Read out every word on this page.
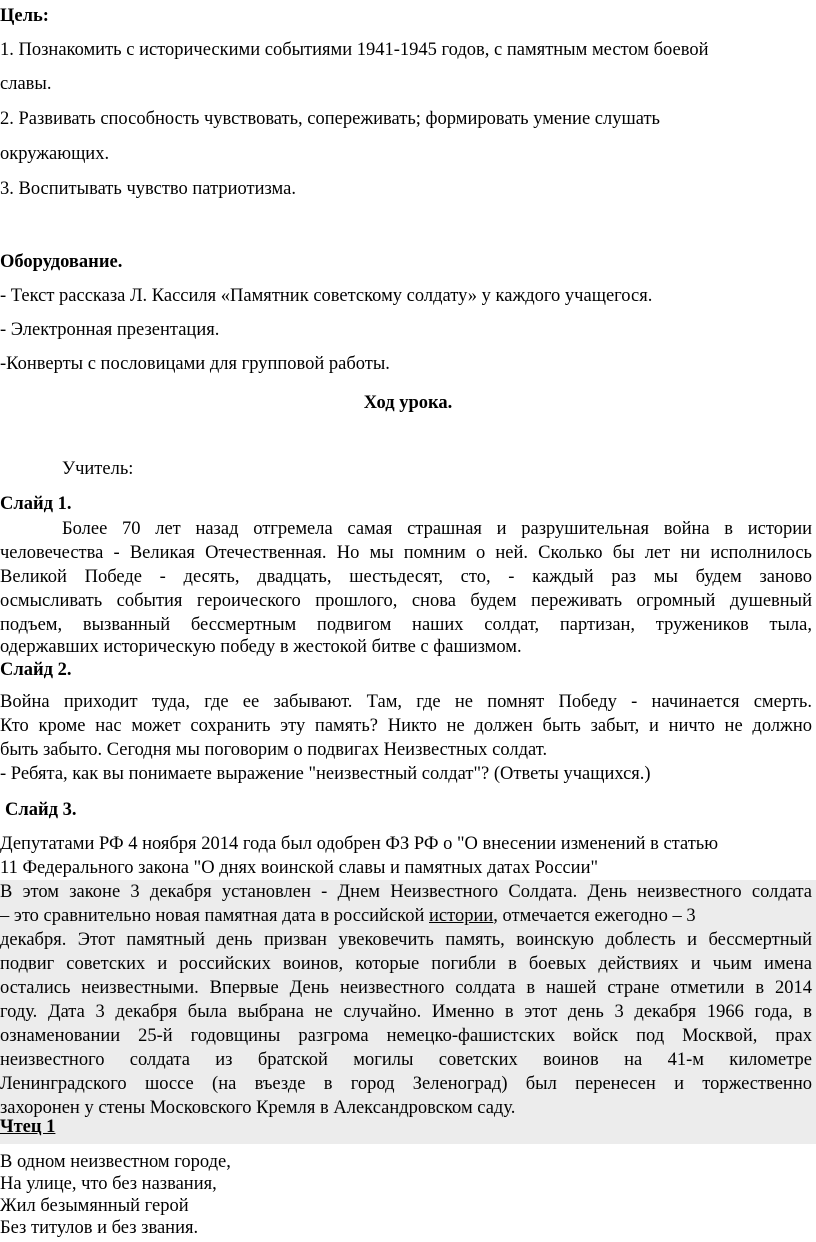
Цель:
1. Познакомить с историческими событиями 1941-1945 годов, с памятным местом боевой
славы.
2. Развивать способность чувствовать, сопереживать; формировать умение слушать
окружающих.
3. Воспитывать чувство патриотизма.
Оборудование.
- Текст рассказа Л. Кассиля «Памятник советскому солдату» у каждого учащегося.
- Электронная презентация.
-Конверты с пословицами для групповой работы.
Ход урока.
Учитель:
Слайд 1.
Более 70 лет назад отгремела самая страшная и разрушительная война в истории
человечества - Великая Отечественная. Но мы помним о ней. Сколько бы лет ни исполнилось
Великой Победе - десять, двадцать, шестьдесят, сто, - каждый раз мы будем заново
осмысливать события героического прошлого, снова будем переживать огромный душевный
подъем, вызванный бессмертным подвигом наших солдат, партизан, тружеников тыла,
одержавших историческую победу в жестокой битве с фашизмом.
Слайд 2.
Война приходит туда, где ее забывают. Там, где не помнят Победу - начинается смерть.
Кто кроме нас может сохранить эту память? Никто не должен быть забыт, и ничто не должно
быть забыто. Сегодня мы поговорим о подвигах Неизвестных солдат.
- Ребята, как вы понимаете выражение "неизвестный солдат"? (Ответы учащихся.)
Слайд 3.
Депутатами РФ 4 ноября 2014 года был одобрен ФЗ РФ о "О внесении изменений в статью
11 Федерального закона "О днях воинской славы и памятных датах России"
В этом законе 3 декабря установлен - Днем Неизвестного Солдата. День неизвестного солдата
– это сравнительно новая памятная дата в российской истории, отмечается ежегодно – 3
декабря. Этот памятный день призван увековечить память, воинскую доблесть и бессмертный
подвиг советских и российских воинов, которые погибли в боевых действиях и чьим имена
остались неизвестными. Впервые День неизвестного солдата в нашей стране отметили в 2014
году. Дата 3 декабря была выбрана не случайно. Именно в этот день 3 декабря 1966 года, в
ознаменовании 25-й годовщины разгрома немецко-фашистских войск под Москвой, прах
неизвестного солдата из братской могилы советских воинов на 41-м километре
Ленинградского шоссе (на въезде в город Зеленоград) был перенесен и торжественно
захоронен у стены Московского Кремля в Александровском саду.
Чтец 1
В одном неизвестном городе,
На улице, что без названия,
Жил безымянный герой
Без титулов и без звания.
